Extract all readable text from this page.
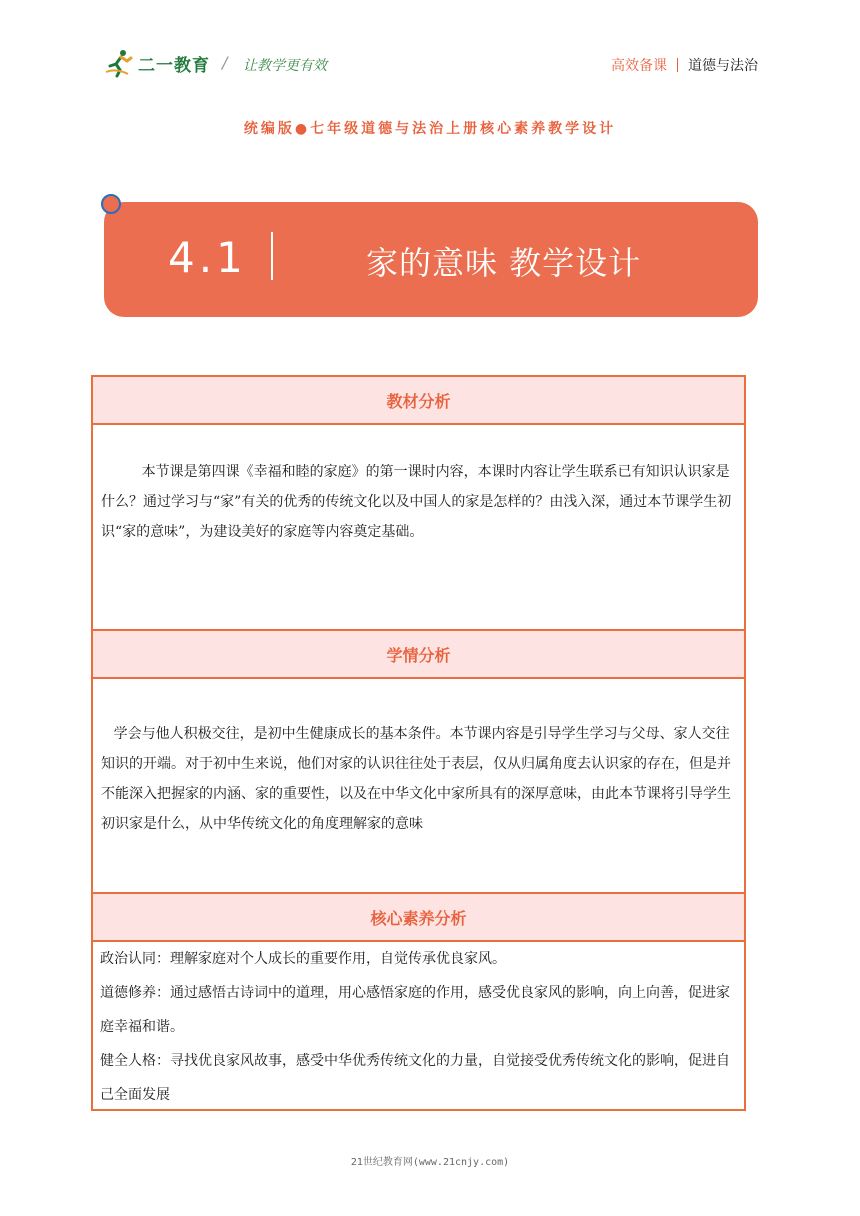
二一教育 / 让教学更有效	高效备课 道德与法治
统编版●七年级道德与法治上册核心素养教学设计
4.1	家的意味 教学设计
教材分析

本节课是第四课《幸福和睦的家庭》的第一课时内容，本课时内容让学生联系已有知识认识家是什么？通过学习与“家”有关的优秀的传统文化以及中国人的家是怎样的？由浅入深，通过本节课学生初识“家的意味”，为建设美好的家庭等内容奠定基础。

学情分析

学会与他人积极交往，是初中生健康成长的基本条件。本节课内容是引导学生学习与父母、家人交往知识的开端。对于初中生来说，他们对家的认识往往处于表层，仅从归属角度去认识家的存在，但是并不能深入把握家的内涵、家的重要性，以及在中华文化中家所具有的深厚意味，由此本节课将引导学生初识家是什么，从中华传统文化的角度理解家的意味

核心素养分析

政治认同：理解家庭对个人成长的重要作用，自觉传承优良家风。

道德修养：通过感悟古诗词中的道理，用心感悟家庭的作用，感受优良家风的影响，向上向善，促进家庭幸福和谐。

健全人格：寻找优良家风故事，感受中华优秀传统文化的力量，自觉接受优秀传统文化的影响，促进自己全面发展

21世纪教育网(www.21cnjy.com)
